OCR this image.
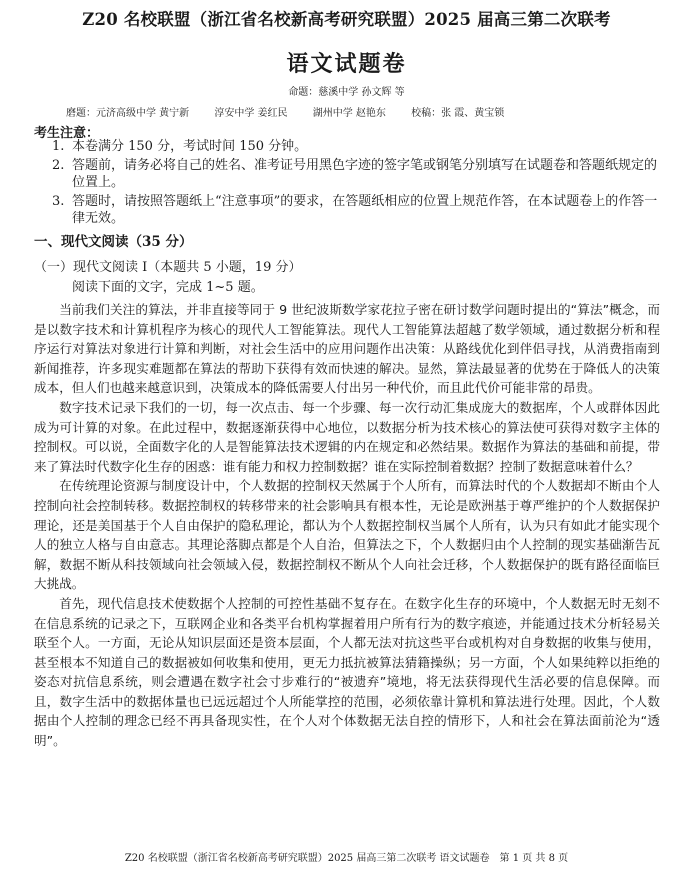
Z20 名校联盟（浙江省名校新高考研究联盟）2025 届高三第二次联考
语文试题卷
命题：慈溪中学 孙文辉 等
磨题：元济高级中学 黄宁新	淳安中学 姜红民	湖州中学 赵艳东	校稿：张 霞、黄宝锁
考生注意：
1. 本卷满分 150 分，考试时间 150 分钟。
2. 答题前，请务必将自己的姓名、准考证号用黑色字迹的签字笔或钢笔分别填写在试题卷和答题纸规定的位置上。
3. 答题时，请按照答题纸上“注意事项”的要求，在答题纸相应的位置上规范作答，在本试题卷上的作答一律无效。
一、现代文阅读（35 分）
（一）现代文阅读 I（本题共 5 小题，19 分）
阅读下面的文字，完成 1~5 题。

当前我们关注的算法，并非直接等同于 9 世纪波斯数学家花拉子密在研讨数学问题时提出的“算法”概念，而是以数字技术和计算机程序为核心的现代人工智能算法。现代人工智能算法超越了数学领域，通过数据分析和程序运行对算法对象进行计算和判断，对社会生活中的应用问题作出决策：从路线优化到伴侣寻找，从消费指南到新闻推荐，许多现实难题都在算法的帮助下获得有效而快速的解决。显然，算法最显著的优势在于降低人的决策成本，但人们也越来越意识到，决策成本的降低需要人付出另一种代价，而且此代价可能非常的昂贵。

数字技术记录下我们的一切，每一次点击、每一个步骤、每一次行动汇集成庞大的数据库，个人或群体因此成为可计算的对象。在此过程中，数据逐渐获得中心地位，以数据分析为技术核心的算法使可获得对数字主体的控制权。可以说，全面数字化的人是智能算法技术逻辑的内在规定和必然结果。数据作为算法的基础和前提，带来了算法时代数字化生存的困惑：谁有能力和权力控制数据？谁在实际控制着数据？控制了数据意味着什么？

在传统理论资源与制度设计中，个人数据的控制权天然属于个人所有，而算法时代的个人数据却不断由个人控制向社会控制转移。数据控制权的转移带来的社会影响具有根本性，无论是欧洲基于尊严维护的个人数据保护理论，还是美国基于个人自由保护的隐私理论，都认为个人数据控制权当属个人所有，认为只有如此才能实现个人的独立人格与自由意志。其理论落脚点都是个人自治，但算法之下，个人数据归由个人控制的现实基础渐告瓦解，数据不断从科技领域向社会领域入侵，数据控制权不断从个人向社会迁移，个人数据保护的既有路径面临巨大挑战。

首先，现代信息技术使数据个人控制的可控性基础不复存在。在数字化生存的环境中，个人数据无时无刻不在信息系统的记录之下，互联网企业和各类平台机构掌握着用户所有行为的数字痕迹，并能通过技术分析轻易关联至个人。一方面，无论从知识层面还是资本层面，个人都无法对抗这些平台或机构对自身数据的收集与使用，甚至根本不知道自己的数据被如何收集和使用，更无力抵抗被算法猜籍操纵；另一方面，个人如果纯粹以拒绝的姿态对抗信息系统，则会遭遇在数字社会寸步难行的“被遗弃”境地，将无法获得现代生活必要的信息保障。而且，数字生活中的数据体量也已远远超过个人所能掌控的范围，必须依靠计算机和算法进行处理。因此，个人数据由个人控制的理念已经不再具备现实性，在个人对个体数据无法自控的情形下，人和社会在算法面前沦为“透明”。

Z20 名校联盟（浙江省名校新高考研究联盟）2025 届高三第二次联考 语文试题卷　第 1 页 共 8 页
